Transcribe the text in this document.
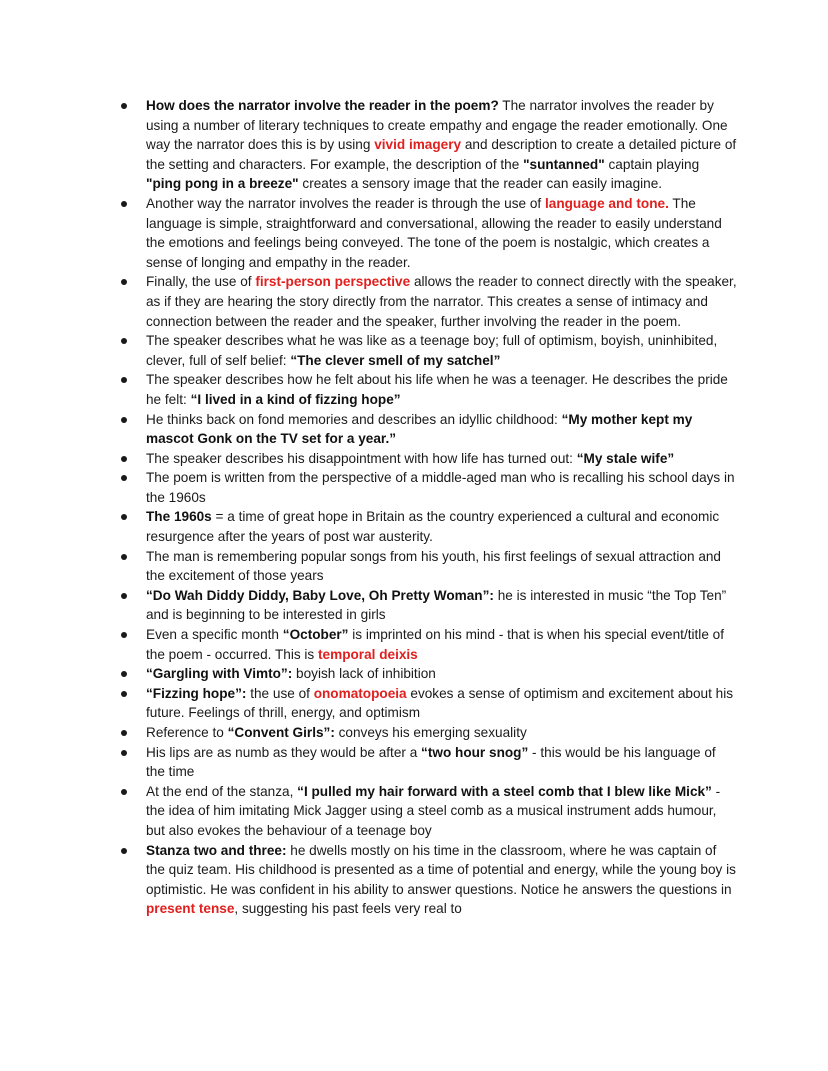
How does the narrator involve the reader in the poem? The narrator involves the reader by using a number of literary techniques to create empathy and engage the reader emotionally. One way the narrator does this is by using vivid imagery and description to create a detailed picture of the setting and characters. For example, the description of the "suntanned" captain playing "ping pong in a breeze" creates a sensory image that the reader can easily imagine.
Another way the narrator involves the reader is through the use of language and tone. The language is simple, straightforward and conversational, allowing the reader to easily understand the emotions and feelings being conveyed. The tone of the poem is nostalgic, which creates a sense of longing and empathy in the reader.
Finally, the use of first-person perspective allows the reader to connect directly with the speaker, as if they are hearing the story directly from the narrator. This creates a sense of intimacy and connection between the reader and the speaker, further involving the reader in the poem.
The speaker describes what he was like as a teenage boy; full of optimism, boyish, uninhibited, clever, full of self belief: “The clever smell of my satchel”
The speaker describes how he felt about his life when he was a teenager. He describes the pride he felt: “I lived in a kind of fizzing hope”
He thinks back on fond memories and describes an idyllic childhood: “My mother kept my mascot Gonk on the TV set for a year.”
The speaker describes his disappointment with how life has turned out: “My stale wife”
The poem is written from the perspective of a middle-aged man who is recalling his school days in the 1960s
The 1960s = a time of great hope in Britain as the country experienced a cultural and economic resurgence after the years of post war austerity.
The man is remembering popular songs from his youth, his first feelings of sexual attraction and the excitement of those years
“Do Wah Diddy Diddy, Baby Love, Oh Pretty Woman”: he is interested in music “the Top Ten” and is beginning to be interested in girls
Even a specific month “October” is imprinted on his mind - that is when his special event/title of the poem - occurred. This is temporal deixis
“Gargling with Vimto”: boyish lack of inhibition
“Fizzing hope”: the use of onomatopoeia evokes a sense of optimism and excitement about his future. Feelings of thrill, energy, and optimism
Reference to “Convent Girls”: conveys his emerging sexuality
His lips are as numb as they would be after a “two hour snog” - this would be his language of the time
At the end of the stanza, “I pulled my hair forward with a steel comb that I blew like Mick” - the idea of him imitating Mick Jagger using a steel comb as a musical instrument adds humour, but also evokes the behaviour of a teenage boy
Stanza two and three: he dwells mostly on his time in the classroom, where he was captain of the quiz team. His childhood is presented as a time of potential and energy, while the young boy is optimistic. He was confident in his ability to answer questions. Notice he answers the questions in present tense, suggesting his past feels very real to
